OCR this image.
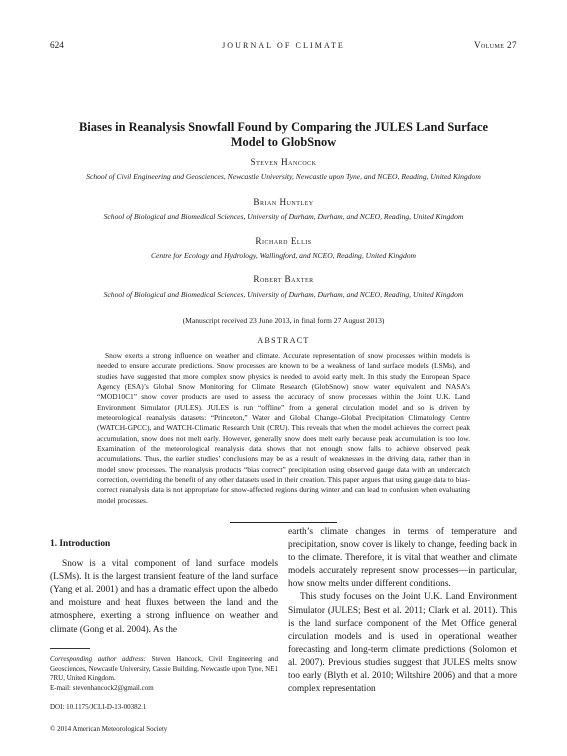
624	JOURNAL OF CLIMATE	Volume 27
Biases in Reanalysis Snowfall Found by Comparing the JULES Land Surface Model to GlobSnow
Steven Hancock
School of Civil Engineering and Geosciences, Newcastle University, Newcastle upon Tyne, and NCEO, Reading, United Kingdom
Brian Huntley
School of Biological and Biomedical Sciences, University of Durham, Durham, and NCEO, Reading, United Kingdom
Richard Ellis
Centre for Ecology and Hydrology, Wallingford, and NCEO, Reading, United Kingdom
Robert Baxter
School of Biological and Biomedical Sciences, University of Durham, Durham, and NCEO, Reading, United Kingdom
(Manuscript received 23 June 2013, in final form 27 August 2013)
ABSTRACT

Snow exerts a strong influence on weather and climate. Accurate representation of snow processes within models is needed to ensure accurate predictions. Snow processes are known to be a weakness of land surface models (LSMs), and studies have suggested that more complex snow physics is needed to avoid early melt. In this study the European Space Agency (ESA)’s Global Snow Monitoring for Climate Research (GlobSnow) snow water equivalent and NASA’s “MOD10C1” snow cover products are used to assess the accuracy of snow processes within the Joint U.K. Land Environment Simulator (JULES). JULES is run “offline” from a general circulation model and so is driven by meteorological reanalysis datasets: “Princeton,” Water and Global Change–Global Precipitation Climatology Centre (WATCH-GPCC), and WATCH-Climatic Research Unit (CRU). This reveals that when the model achieves the correct peak accumulation, snow does not melt early. However, generally snow does melt early because peak accumulation is too low. Examination of the meteorological reanalysis data shows that not enough snow falls to achieve observed peak accumulations. Thus, the earlier studies’ conclusions may be as a result of weaknesses in the driving data, rather than in model snow processes. The reanalysis products “bias correct” precipitation using observed gauge data with an undercatch correction, overriding the benefit of any other datasets used in their creation. This paper argues that using gauge data to bias-correct reanalysis data is not appropriate for snow-affected regions during winter and can lead to confusion when evaluating model processes.

1. Introduction

Snow is a vital component of land surface models (LSMs). It is the largest transient feature of the land surface (Yang et al. 2001) and has a dramatic effect upon the albedo and moisture and heat fluxes between the land and the atmosphere, exerting a strong influence on weather and climate (Gong et al. 2004). As the

earth’s climate changes in terms of temperature and precipitation, snow cover is likely to change, feeding back in to the climate. Therefore, it is vital that weather and climate models accurately represent snow processes—in particular, how snow melts under different conditions.

This study focuses on the Joint U.K. Land Environment Simulator (JULES; Best et al. 2011; Clark et al. 2011). This is the land surface component of the Met Office general circulation models and is used in operational weather forecasting and long-term climate predictions (Solomon et al. 2007). Previous studies suggest that JULES melts snow too early (Blyth et al. 2010; Wiltshire 2006) and that a more complex representation

Corresponding author address: Steven Hancock, Civil Engineering and Geosciences, Newcastle University, Cassie Building, Newcastle upon Tyne, NE1 7RU, United Kingdom.
E-mail: stevenhancock2@gmail.com

DOI: 10.1175/JCLI-D-13-00382.1
© 2014 American Meteorological Society
